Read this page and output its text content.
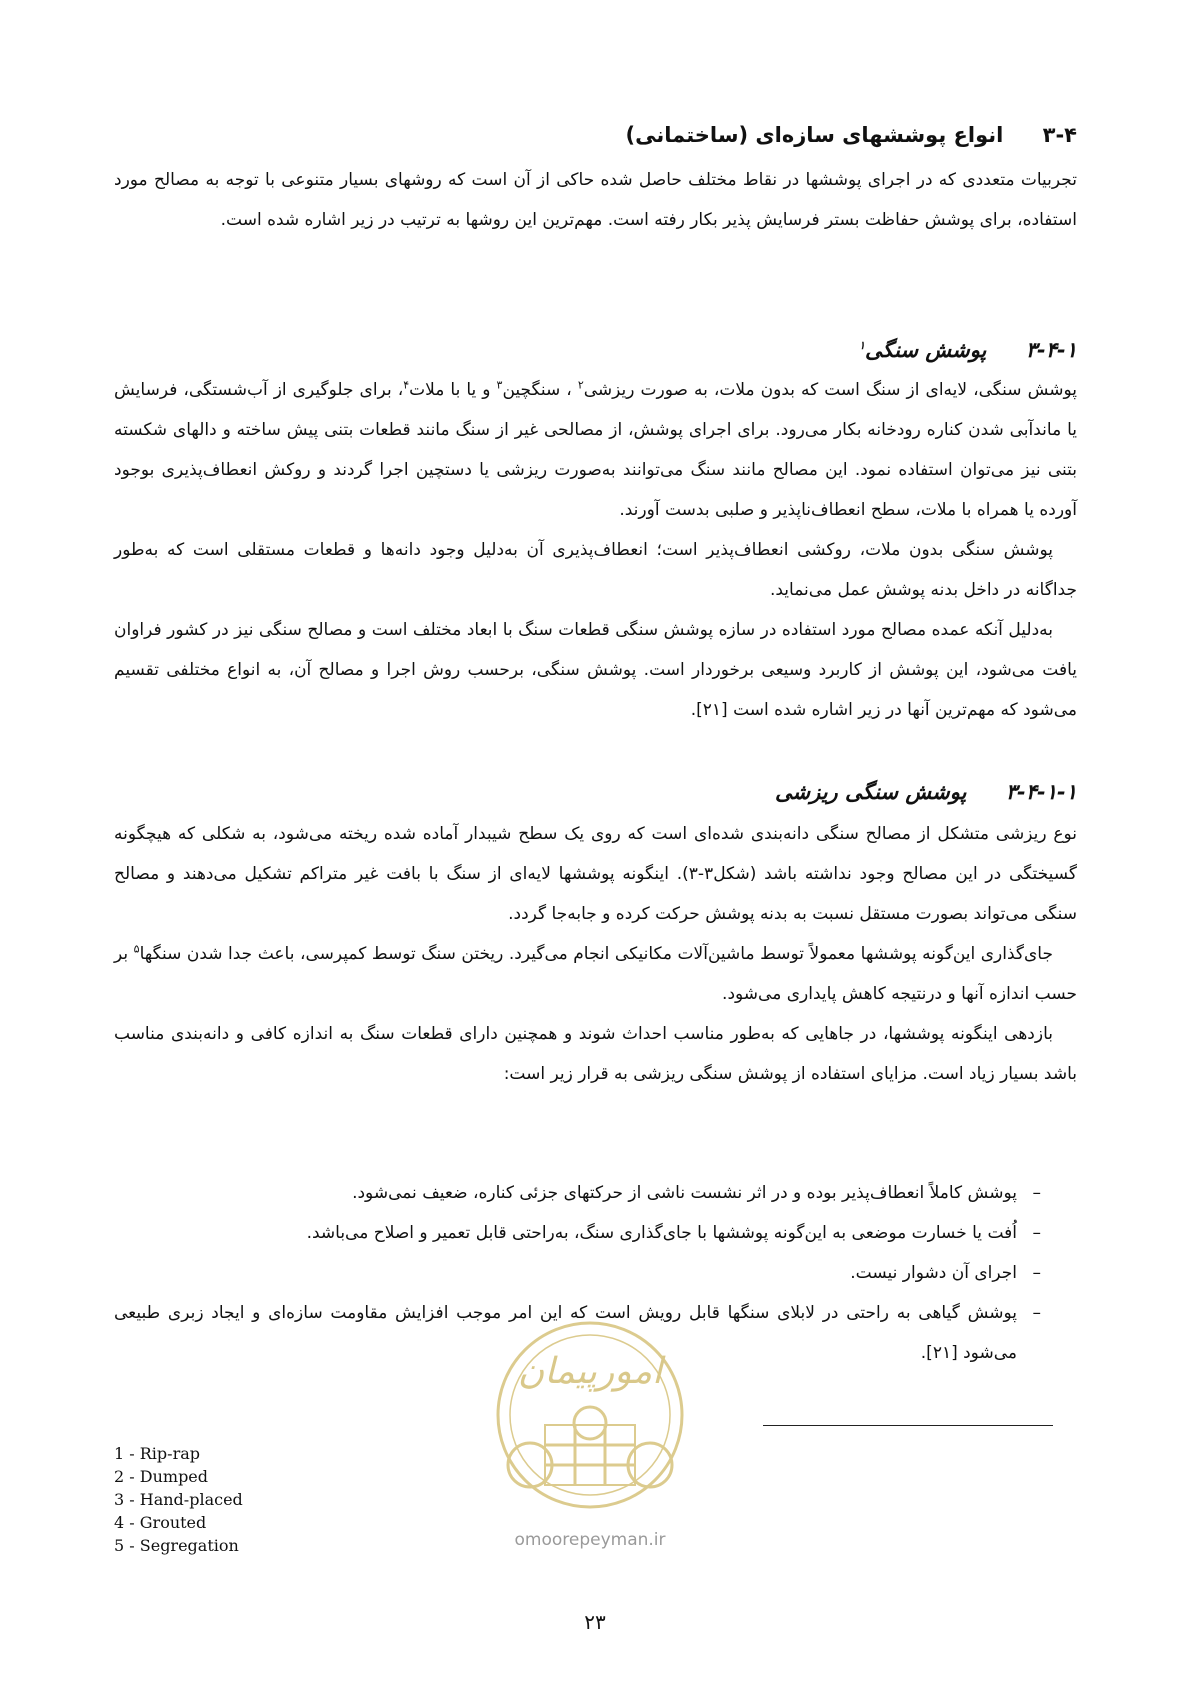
۳-۴ انواع پوششهای سازه‌ای (ساختمانی)
تجربیات متعددی که در اجرای پوششها در نقاط مختلف حاصل شده حاکی از آن است که روشهای بسیار متنوعی با توجه به مصالح مورد استفاده، برای پوشش حفاظت بستر فرسایش پذیر بکار رفته است. مهم‌ترین این روشها به ترتیب در زیر اشاره شده است.
۳-۴-۱ پوشش سنگی$^۱$

پوشش سنگی، لایه‌ای از سنگ است که بدون ملات، به صورت ریزشی$^۲$ ، سنگچین$^۳$ و یا با ملات$^۴$، برای جلوگیری از آب‌شستگی، فرسایش یا ماندآبی شدن کناره رودخانه بکار می‌رود. برای اجرای پوشش، از مصالحی غیر از سنگ مانند قطعات بتنی پیش ساخته و دالهای شکسته بتنی نیز می‌توان استفاده نمود. این مصالح مانند سنگ می‌توانند به‌صورت ریزشی یا دستچین اجرا گردند و روکش انعطاف‌پذیری بوجود آورده یا همراه با ملات، سطح انعطاف‌ناپذیر و صلبی بدست آورند.

پوشش سنگی بدون ملات، روکشی انعطاف‌پذیر است؛ انعطاف‌پذیری آن به‌دلیل وجود دانه‌ها و قطعات مستقلی است که به‌طور جداگانه در داخل بدنه پوشش عمل می‌نماید.

به‌دلیل آنکه عمده مصالح مورد استفاده در سازه پوشش سنگی قطعات سنگ با ابعاد مختلف است و مصالح سنگی نیز در کشور فراوان یافت می‌شود، این پوشش از کاربرد وسیعی برخوردار است. پوشش سنگی، برحسب روش اجرا و مصالح آن، به انواع مختلفی تقسیم می‌شود که مهم‌ترین آنها در زیر اشاره شده است [۲۱].

۳-۴-۱-۱ پوشش سنگی ریزشی

نوع ریزشی متشکل از مصالح سنگی دانه‌بندی شده‌ای است که روی یک سطح شیبدار آماده شده ریخته می‌شود، به شکلی که هیچگونه گسیختگی در این مصالح وجود نداشته باشد (شکل۳-۳). اینگونه پوششها لایه‌ای از سنگ با بافت غیر متراکم تشکیل می‌دهند و مصالح سنگی می‌تواند بصورت مستقل نسبت به بدنه پوشش حرکت کرده و جابه‌جا گردد.

جای‌گذاری این‌گونه پوششها معمولاً توسط ماشین‌آلات مکانیکی انجام می‌گیرد. ریختن سنگ توسط کمپرسی، باعث جدا شدن سنگها$^۵$ بر حسب اندازه آنها و درنتیجه کاهش پایداری می‌شود.

بازدهی اینگونه پوششها، در جاهایی که به‌طور مناسب احداث شوند و همچنین دارای قطعات سنگ به اندازه کافی و دانه‌بندی مناسب باشد بسیار زیاد است. مزایای استفاده از پوشش سنگی ریزشی به قرار زیر است:

–
پوشش کاملاً انعطاف‌پذیر بوده و در اثر نشست ناشی از حرکتهای جزئی کناره، ضعیف نمی‌شود.
–
اُفت یا خسارت موضعی به این‌گونه پوششها با جای‌گذاری سنگ، به‌راحتی قابل تعمیر و اصلاح می‌باشد.
–
اجرای آن دشوار نیست.
–
پوشش گیاهی به راحتی در لابلای سنگها قابل رویش است که این امر موجب افزایش مقاومت سازه‌ای و ایجاد زبری طبیعی می‌شود [۲۱].
امورپیمان
omoorepeyman.ir
1 - Rip-rap
2 - Dumped
3 - Hand-placed
4 - Grouted
5 - Segregation
۲۳
